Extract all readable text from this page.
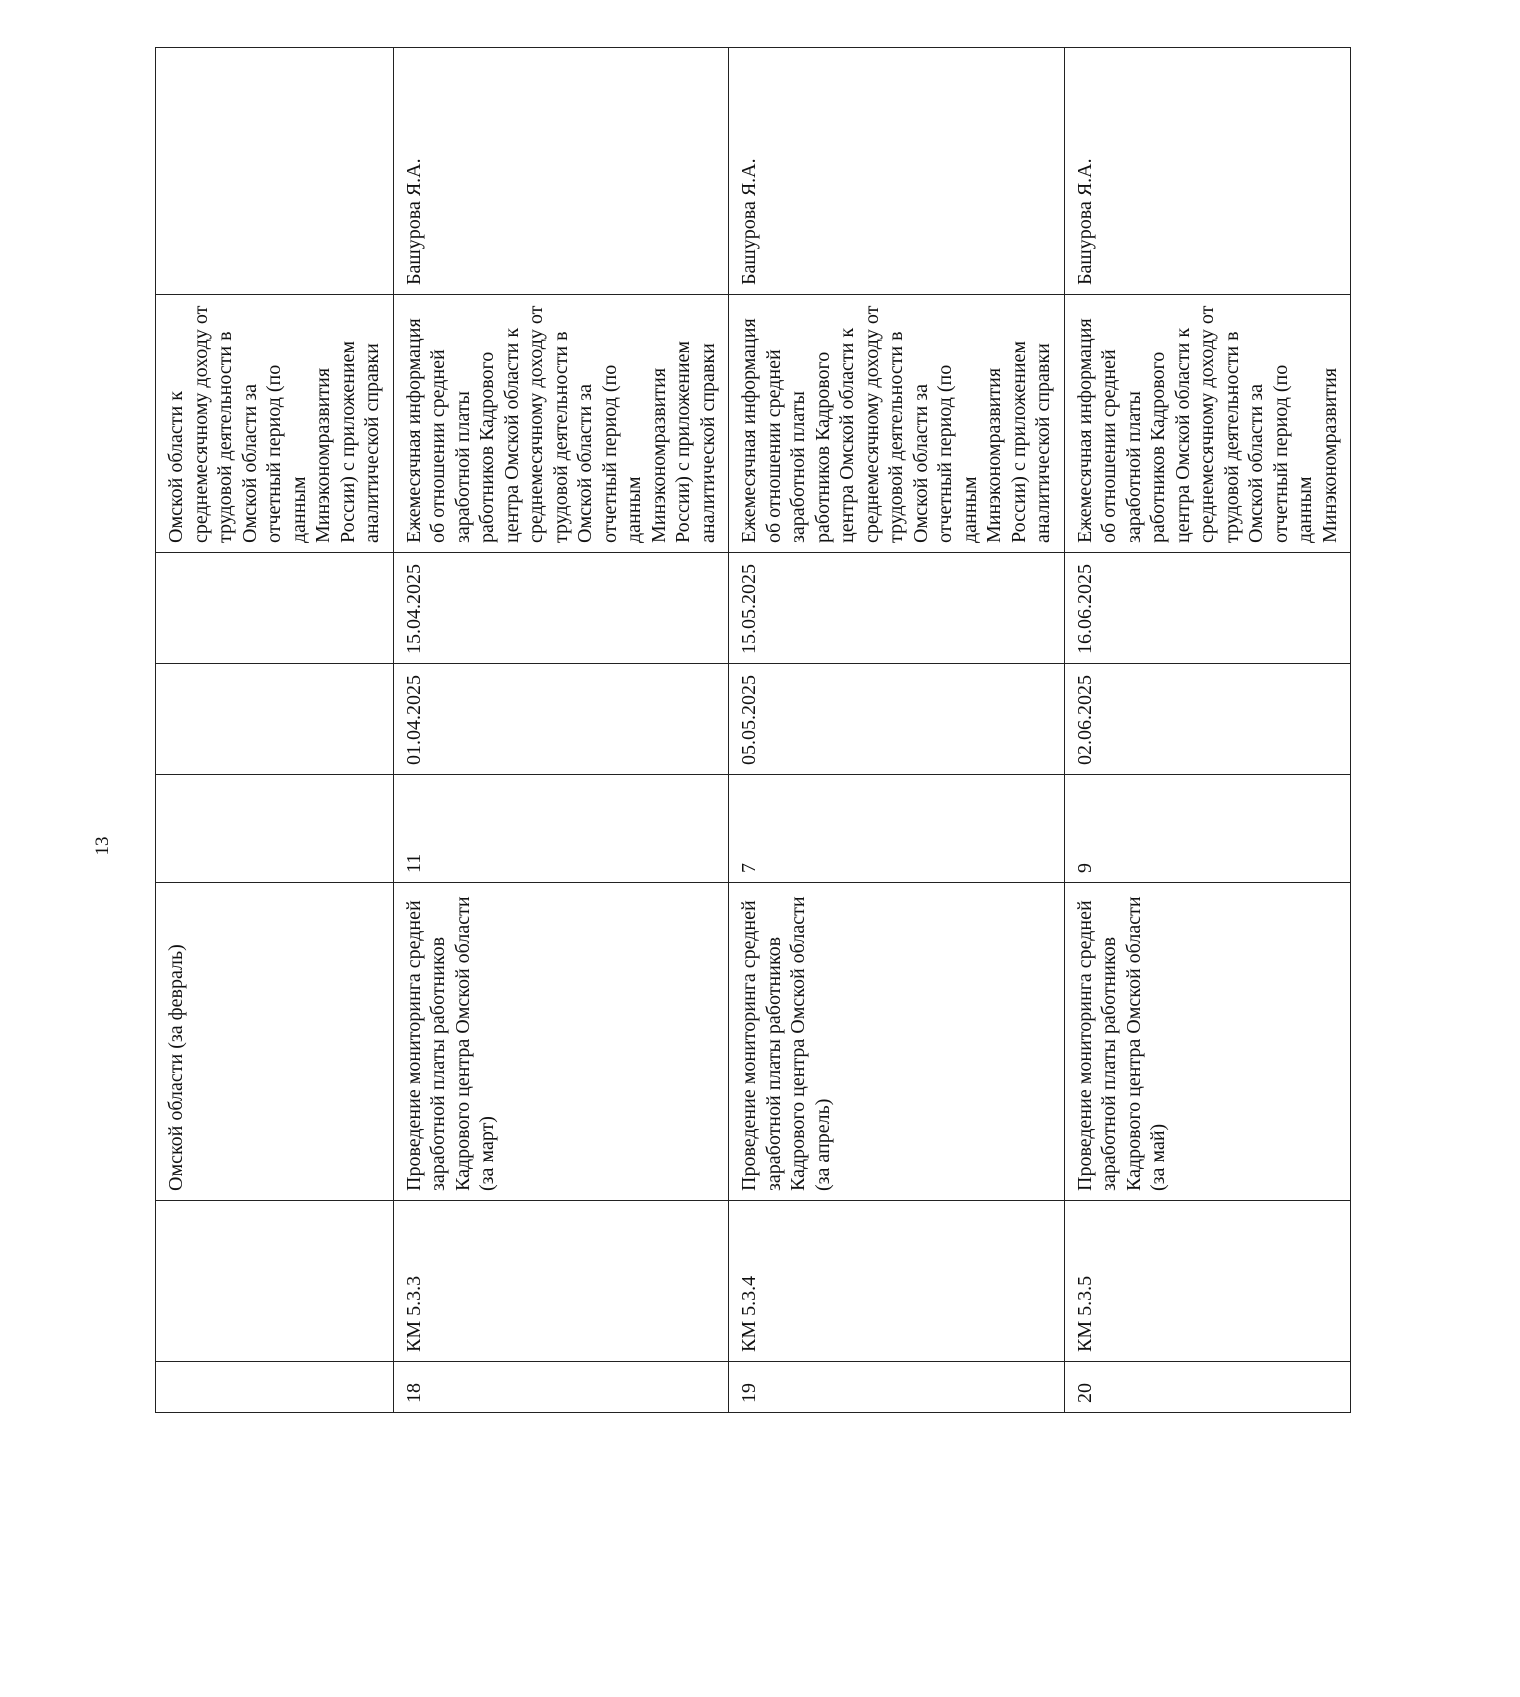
13
		Омской области (за февраль)				Омской области к среднемесячному доходу от трудовой деятельности в Омской области за отчетный период (по данным Минэкономразвития России) с приложением аналитической справки	
18	КМ 5.3.3	Проведение мониторинга средней заработной платы работников Кадрового центра Омской области (за март)	11	01.04.2025	15.04.2025	Ежемесячная информация об отношении средней заработной платы работников Кадрового центра Омской области к среднемесячному доходу от трудовой деятельности в Омской области за отчетный период (по данным Минэкономразвития России) с приложением аналитической справки	Башурова Я.А.
19	КМ 5.3.4	Проведение мониторинга средней заработной платы работников Кадрового центра Омской области (за апрель)	7	05.05.2025	15.05.2025	Ежемесячная информация об отношении средней заработной платы работников Кадрового центра Омской области к среднемесячному доходу от трудовой деятельности в Омской области за отчетный период (по данным Минэкономразвития России) с приложением аналитической справки	Башурова Я.А.
20	КМ 5.3.5	Проведение мониторинга средней заработной платы работников Кадрового центра Омской области (за май)	9	02.06.2025	16.06.2025	Ежемесячная информация об отношении средней заработной платы работников Кадрового центра Омской области к среднемесячному доходу от трудовой деятельности в Омской области за отчетный период (по данным Минэкономразвития	Башурова Я.А.
